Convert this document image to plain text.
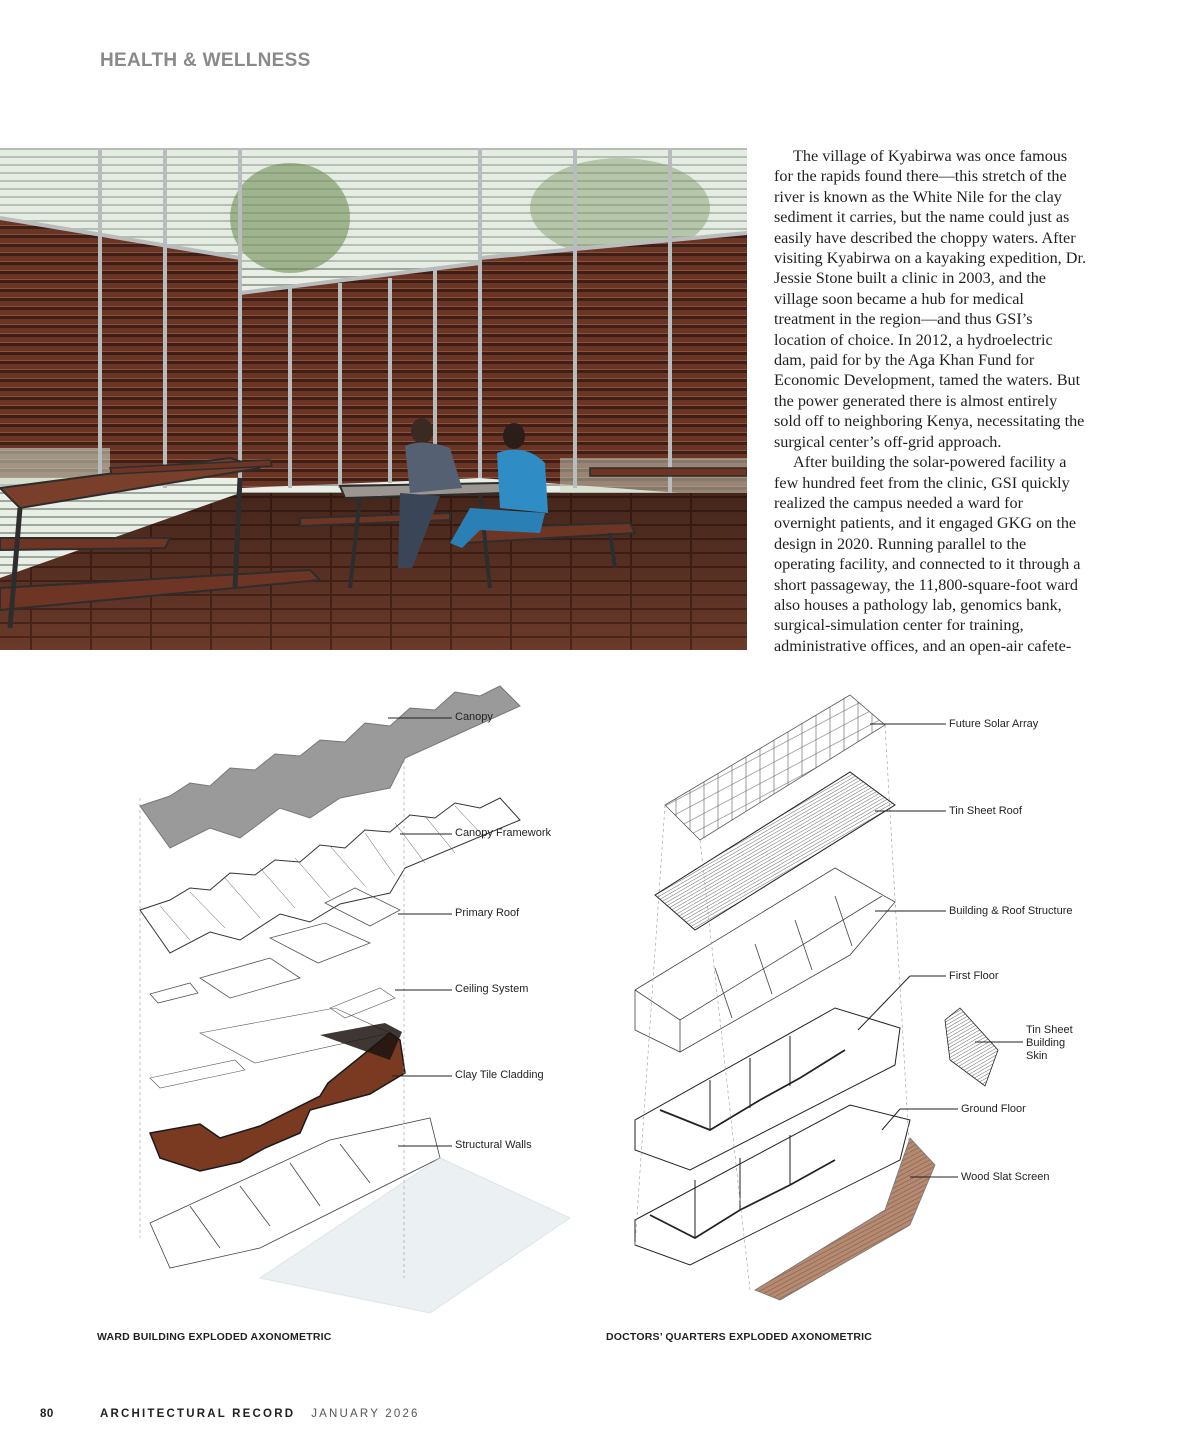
HEALTH & WELLNESS

The village of Kyabirwa was once famous for the rapids found there—this stretch of the river is known as the White Nile for the clay sediment it carries, but the name could just as easily have described the choppy waters. After visiting Kyabirwa on a kayaking expedition, Dr. Jessie Stone built a clinic in 2003, and the village soon became a hub for medical treatment in the region—and thus GSI’s location of choice. In 2012, a hydroelectric dam, paid for by the Aga Khan Fund for Economic Development, tamed the waters. But the power generated there is almost entirely sold off to neighboring Kenya, necessitating the surgical center’s off-grid approach.

After building the solar-powered facility a few hundred feet from the clinic, GSI quickly realized the campus needed a ward for overnight patients, and it engaged GKG on the design in 2020. Running parallel to the operating facility, and connected to it through a short passageway, the 11,800-square-foot ward also houses a pathology lab, genomics bank, surgical-simulation center for training, administrative offices, and an open-air cafete-

Canopy
Canopy Framework
Primary Roof
Ceiling System
Clay Tile Cladding
Structural Walls
Future Solar Array
Tin Sheet Roof
Building & Roof Structure
First Floor
Tin Sheet Building Skin
Ground Floor
Wood Slat Screen
WARD BUILDING EXPLODED AXONOMETRIC	DOCTORS’ QUARTERS EXPLODED AXONOMETRIC
80	ARCHITECTURAL RECORD JANUARY 2026
